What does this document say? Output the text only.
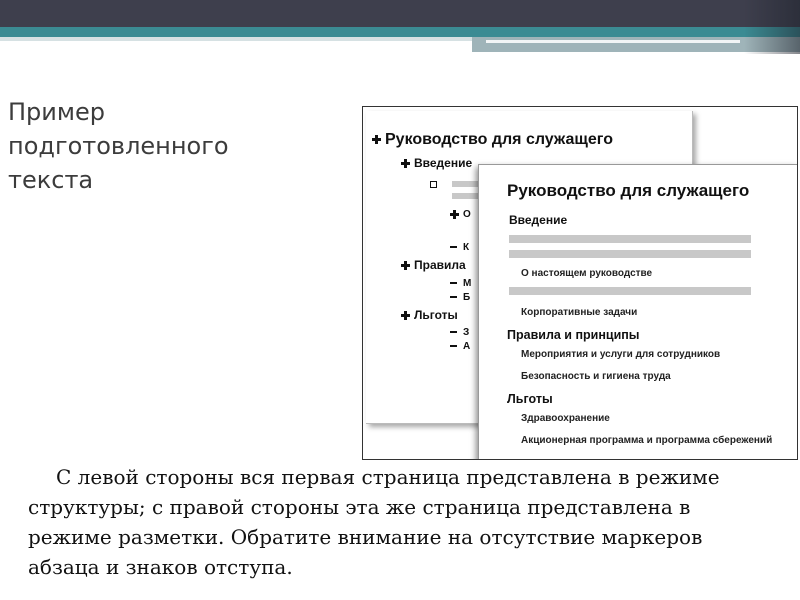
Пример подготовленного текста
Руководство для служащего
Введение
О
К
Правила
М
Б
Льготы
З
А
Руководство для служащего
Введение
О настоящем руководстве
Корпоративные задачи
Правила и принципы
Мероприятия и услуги для сотрудников
Безопасность и гигиена труда
Льготы
Здравоохранение
Акционерная программа и программа сбережений
С левой стороны вся первая страница представлена в режиме структуры; с правой стороны эта же страница представлена в режиме разметки. Обратите внимание на отсутствие маркеров абзаца и знаков отступа.
